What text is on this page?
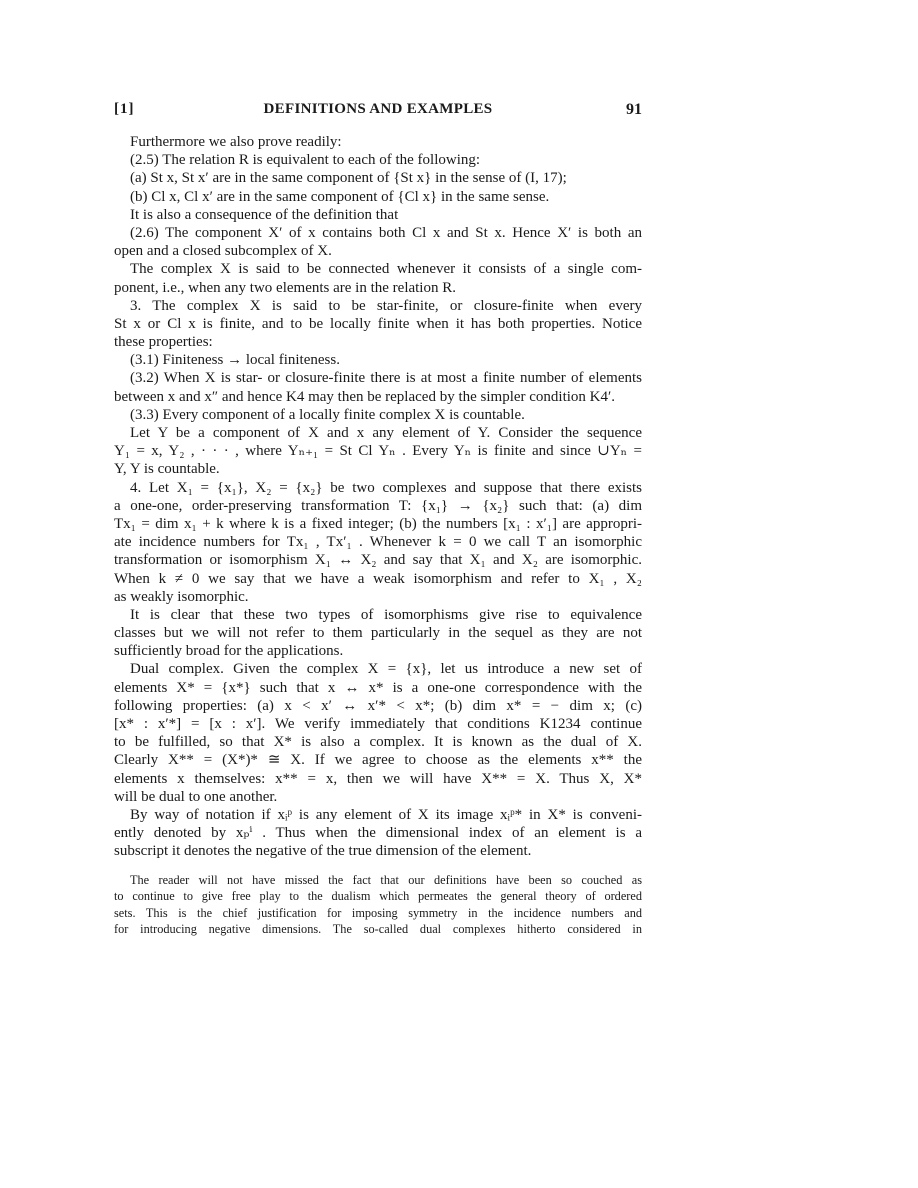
[1]	DEFINITIONS AND EXAMPLES	91
Furthermore we also prove readily:
(2.5) The relation R is equivalent to each of the following:
(a) St x, St x′ are in the same component of {St x} in the sense of (I, 17);
(b) Cl x, Cl x′ are in the same component of {Cl x} in the same sense.
It is also a consequence of the definition that
(2.6) The component X′ of x contains both Cl x and St x. Hence X′ is both an
open and a closed subcomplex of X.
The complex X is said to be connected whenever it consists of a single com-
ponent, i.e., when any two elements are in the relation R.
3. The complex X is said to be star-finite, or closure-finite when every
St x or Cl x is finite, and to be locally finite when it has both properties. Notice
these properties:
(3.1) Finiteness → local finiteness.
(3.2) When X is star- or closure-finite there is at most a finite number of elements
between x and x″ and hence K4 may then be replaced by the simpler condition K4′.
(3.3) Every component of a locally finite complex X is countable.
Let Y be a component of X and x any element of Y. Consider the sequence
Y₁ = x, Y₂ , · · · , where Yₙ₊₁ = St Cl Yₙ . Every Yₙ is finite and since ∪Yₙ =
Y, Y is countable.
4. Let X₁ = {x₁}, X₂ = {x₂} be two complexes and suppose that there exists
a one-one, order-preserving transformation T: {x₁} → {x₂} such that: (a) dim
Tx₁ = dim x₁ + k where k is a fixed integer; (b) the numbers [x₁ : x′₁] are appropri-
ate incidence numbers for Tx₁ , Tx′₁ . Whenever k = 0 we call T an isomorphic
transformation or isomorphism X₁ ↔ X₂ and say that X₁ and X₂ are isomorphic.
When k ≠ 0 we say that we have a weak isomorphism and refer to X₁ , X₂
as weakly isomorphic.
It is clear that these two types of isomorphisms give rise to equivalence
classes but we will not refer to them particularly in the sequel as they are not
sufficiently broad for the applications.
Dual complex. Given the complex X = {x}, let us introduce a new set of
elements X* = {x*} such that x ↔ x* is a one-one correspondence with the
following properties: (a) x < x′ ↔ x′* < x*; (b) dim x* = − dim x; (c)
[x* : x′*] = [x : x′]. We verify immediately that conditions K1234 continue
to be fulfilled, so that X* is also a complex. It is known as the dual of X.
Clearly X** = (X*)* ≅ X. If we agree to choose as the elements x** the
elements x themselves: x** = x, then we will have X** = X. Thus X, X*
will be dual to one another.
By way of notation if xᵢᵖ is any element of X its image xᵢᵖ* in X* is conveni-
ently denoted by xₚⁱ . Thus when the dimensional index of an element is a
subscript it denotes the negative of the true dimension of the element.
The reader will not have missed the fact that our definitions have been so couched as
to continue to give free play to the dualism which permeates the general theory of ordered
sets. This is the chief justification for imposing symmetry in the incidence numbers and
for introducing negative dimensions. The so-called dual complexes hitherto considered in
